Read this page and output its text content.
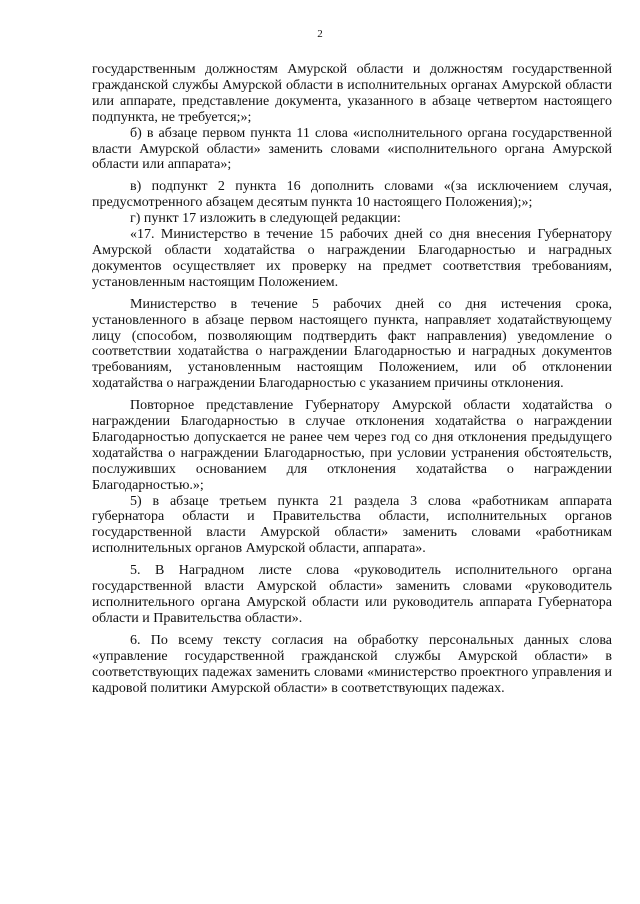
2

государственным должностям Амурской области и должностям государственной гражданской службы Амурской области в исполнительных органах Амурской области или аппарате, представление документа, указанного в абзаце четвертом настоящего подпункта, не требуется;»;

б) в абзаце первом пункта 11 слова «исполнительного органа государственной власти Амурской области» заменить словами «исполнительного органа Амурской области или аппарата»;

в) подпункт 2 пункта 16 дополнить словами «(за исключением случая, предусмотренного абзацем десятым пункта 10 настоящего Положения);»;

г) пункт 17 изложить в следующей редакции:

«17. Министерство в течение 15 рабочих дней со дня внесения Губернатору Амурской области ходатайства о награждении Благодарностью и наградных документов осуществляет их проверку на предмет соответствия требованиям, установленным настоящим Положением.

Министерство в течение 5 рабочих дней со дня истечения срока, установленного в абзаце первом настоящего пункта, направляет ходатайствующему лицу (способом, позволяющим подтвердить факт направления) уведомление о соответствии ходатайства о награждении Благодарностью и наградных документов требованиям, установленным настоящим Положением, или об отклонении ходатайства о награждении Благодарностью с указанием причины отклонения.

Повторное представление Губернатору Амурской области ходатайства о награждении Благодарностью в случае отклонения ходатайства о награждении Благодарностью допускается не ранее чем через год со дня отклонения предыдущего ходатайства о награждении Благодарностью, при условии устранения обстоятельств, послуживших основанием для отклонения ходатайства о награждении Благодарностью.»;

5) в абзаце третьем пункта 21 раздела 3 слова «работникам аппарата губернатора области и Правительства области, исполнительных органов государственной власти Амурской области» заменить словами «работникам исполнительных органов Амурской области, аппарата».

5. В Наградном листе слова «руководитель исполнительного органа государственной власти Амурской области» заменить словами «руководитель исполнительного органа Амурской области или руководитель аппарата Губернатора области и Правительства области».

6. По всему тексту согласия на обработку персональных данных слова «управление государственной гражданской службы Амурской области» в соответствующих падежах заменить словами «министерство проектного управления и кадровой политики Амурской области» в соответствующих падежах.
